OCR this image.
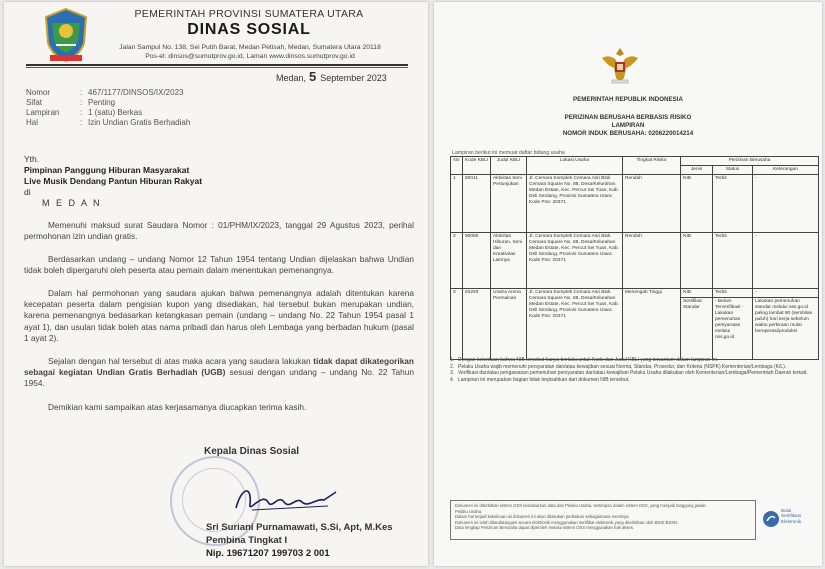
PEMERINTAH PROVINSI SUMATERA UTARA
DINAS SOSIAL
Jalan Sampul No. 138, Sei Putih Barat, Medan Petisah, Medan, Sumatera Utara 20118
Pos-el: dinsos@sumutprov.go.id, Laman www.dinsos.sumutprov.go.id
Medan, 5 September 2023
Nomor	: 467/1177/DINSOS/IX/2023
Sifat	: Penting
Lampiran	: 1 (satu) Berkas
Hal	: Izin Undian Gratis Berhadiah
Yth.
Pimpinan Panggung Hiburan Masyarakat
Live Musik Dendang Pantun Hiburan Rakyat
di
M E D A N
Memenuhi maksud surat Saudara Nomor : 01/PHM/IX/2023, tanggal 29 Agustus 2023, perihal permohonan izin undian gratis.
Berdasarkan undang – undang Nomor 12 Tahun 1954 tentang Undian dijelaskan bahwa Undian tidak boleh dipergaruhi oleh peserta atau pemain dalam menentukan pemenangnya.
Dalam hal permohonan yang saudara ajukan bahwa pemenangnya adalah ditentukan karena kecepatan peserta dalam pengisian kupon yang disediakan, hal tersebut bukan merupakan undian, karena pemenangnya bedasarkan ketangkasan pemain (undang – undang No. 22 Tahun 1954 pasal 1 ayat 1), dan usulan tidak boleh atas nama pribadi dan harus oleh Lembaga yang berbadan hukum (pasal 1 ayat 2).
Sejalan dengan hal tersebut di atas maka acara yang saudara lakukan tidak dapat dikategorikan sebagai kegiatan Undian Gratis Berhadiah (UGB) sesuai dengan undang – undang No. 22 Tahun 1954.
Demikian kami sampaikan atas kerjasamanya diucapkan terima kasih.
Kepala Dinas Sosial
Sri Suriani Purnamawati, S.Si, Apt, M.Kes
Pembina Tingkat I
Nip. 19671207 199703 2 001
PEMERINTAH REPUBLIK INDONESIA
PERIZINAN BERUSAHA BERBASIS RISIKO
LAMPIRAN
NOMOR INDUK BERUSAHA: 0206220014214
Lampiran berikut ini memuat daftar bidang usaha
No	Kode KBLI	Judul KBLI	Lokasi Usaha	Tingkat Risiko	Perizinan Berusaha		
					Jenis	Status	Keterangan
1	90011	Aktivitas Seni Pertunjukan	Jl. Cemara Komplek Cemara Asri Blok Cemara Square No. 88, Desa/Kelurahan Medan Estate, Kec. Percut Sei Tuan, Kab. Deli Serdang, Provinsi Sumatera Utara Kode Pos: 20371	Rendah	NIB	Terbit	-
2	90090	Aktivitas Hiburan, Seni dan Kreativitas Lainnya	Jl. Cemara Komplek Cemara Asri Blok Cemara Square No. 88, Desa/Kelurahan Medan Estate, Kec. Percut Sei Tuan, Kab. Deli Serdang, Provinsi Sumatera Utara Kode Pos: 20371	Rendah	NIB	Terbit	-
3	93293	Usaha Arena Permainan	Jl. Cemara Komplek Cemara Asri Blok Cemara Square No. 88, Desa/Kelurahan Medan Estate, Kec. Percut Sei Tuan, Kab. Deli Serdang, Provinsi Sumatera Utara Kode Pos: 20371	Menengah Tinggi	NIB	Terbit	-
					Sertifikat Standar	- Belum Terverifikasi - Lakukan pemenuhan persyaratan melalui oss.go.id	Lakukan pemenuhan standar melalui oss.go.id paling lambat 90 (sembilan puluh) hari kerja sebelum waktu perkiraan mulai beroperasi/produksi
1. Dengan ketentuan bahwa NIB tersebut hanya berlaku untuk Kode dan Judul KBLI yang tercantum dalam lampiran ini.
2. Pelaku Usaha wajib memenuhi persyaratan dan/atau kewajiban sesuai Norma, Standar, Prosedur, dan Kriteria (NSPK) Kementerian/Lembaga (K/L).
3. Verifikasi dan/atau pengawasan pemenuhan persyaratan dan/atau kewajiban Pelaku Usaha dilakukan oleh Kementerian/Lembaga/Pemerintah Daerah terkait.
4. Lampiran ini merupakan bagian tidak terpisahkan dari dokumen NIB tersebut.
Dokumen ini diterbitkan sistem OSS berdasarkan data dari Pelaku Usaha, tersimpan dalam sistem OSS, yang menjadi tanggung jawab
Pelaku Usaha.
Dalam hal terjadi kekeliruan isi dokumen ini akan dilakukan perbaikan sebagaimana mestinya.
Dokumen ini telah ditandatangani secara elektronik menggunakan sertifikat elektronik yang diterbitkan oleh BSrE-BSSN.
Data lengkap Perizinan Berusaha dapat diperoleh melalui sistem OSS menggunakan hak akses.
Balai
Sertifikasi
Elektronik
